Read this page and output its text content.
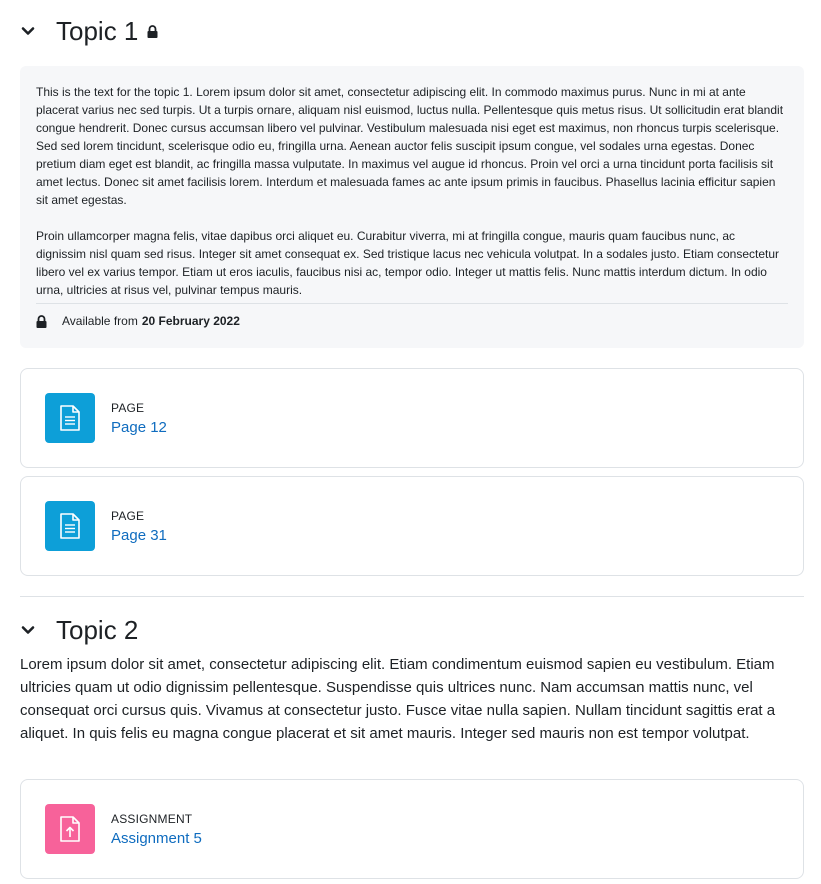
Topic 1

This is the text for the topic 1. Lorem ipsum dolor sit amet, consectetur adipiscing elit. In commodo maximus purus. Nunc in mi at ante placerat varius nec sed turpis. Ut a turpis ornare, aliquam nisl euismod, luctus nulla. Pellentesque quis metus risus. Ut sollicitudin erat blandit congue hendrerit. Donec cursus accumsan libero vel pulvinar. Vestibulum malesuada nisi eget est maximus, non rhoncus turpis scelerisque. Sed sed lorem tincidunt, scelerisque odio eu, fringilla urna. Aenean auctor felis suscipit ipsum congue, vel sodales urna egestas. Donec pretium diam eget est blandit, ac fringilla massa vulputate. In maximus vel augue id rhoncus. Proin vel orci a urna tincidunt porta facilisis sit amet lectus. Donec sit amet facilisis lorem. Interdum et malesuada fames ac ante ipsum primis in faucibus. Phasellus lacinia efficitur sapien sit amet egestas.

Proin ullamcorper magna felis, vitae dapibus orci aliquet eu. Curabitur viverra, mi at fringilla congue, mauris quam faucibus nunc, ac dignissim nisl quam sed risus. Integer sit amet consequat ex. Sed tristique lacus nec vehicula volutpat. In a sodales justo. Etiam consectetur libero vel ex varius tempor. Etiam ut eros iaculis, faucibus nisi ac, tempor odio. Integer ut mattis felis. Nunc mattis interdum dictum. In odio urna, ultricies at risus vel, pulvinar tempus mauris.

Available from 20 February 2022
PAGE
Page 12
PAGE
Page 31
Topic 2

Lorem ipsum dolor sit amet, consectetur adipiscing elit. Etiam condimentum euismod sapien eu vestibulum. Etiam ultricies quam ut odio dignissim pellentesque. Suspendisse quis ultrices nunc. Nam accumsan mattis nunc, vel consequat orci cursus quis. Vivamus at consectetur justo. Fusce vitae nulla sapien. Nullam tincidunt sagittis erat a aliquet. In quis felis eu magna congue placerat et sit amet mauris. Integer sed mauris non est tempor volutpat.

ASSIGNMENT
Assignment 5
